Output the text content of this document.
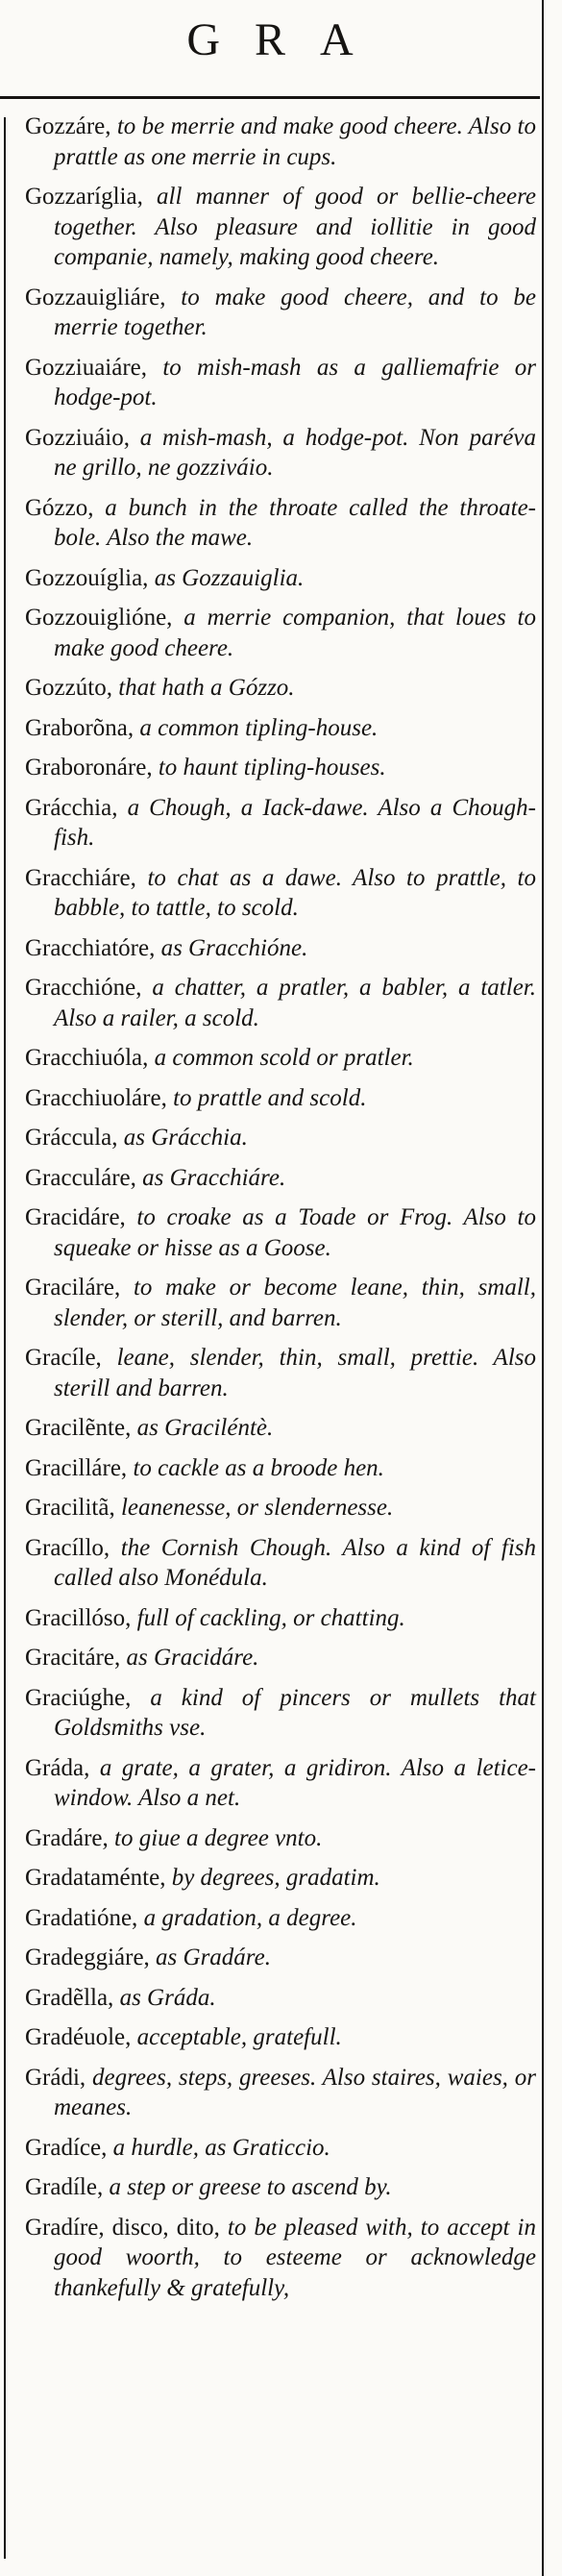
GRA
Gozzáre, to be merrie and make good cheere. Also to prattle as one merrie in cups.
Gozzaríglia, all manner of good or bellie-cheere together. Also pleasure and iollitie in good companie, namely, making good cheere.
Gozzauigliáre, to make good cheere, and to be merrie together.
Gozziuaiáre, to mish-mash as a galliemafrie or hodge-pot.
Gozziuáio, a mish-mash, a hodge-pot. Non paréva ne grillo, ne gozziváio.
Gózzo, a bunch in the throate called the throate-bole. Also the mawe.
Gozzouíglia, as Gozzauiglia.
Gozzouiglióne, a merrie companion, that loues to make good cheere.
Gozzúto, that hath a Gózzo.
Graborõna, a common tipling-house.
Graboronáre, to haunt tipling-houses.
Grácchia, a Chough, a Iack-dawe. Also a Chough-fish.
Gracchiáre, to chat as a dawe. Also to prattle, to babble, to tattle, to scold.
Gracchiatóre, as Gracchióne.
Gracchióne, a chatter, a pratler, a babler, a tatler. Also a railer, a scold.
Gracchiuóla, a common scold or pratler.
Gracchiuoláre, to prattle and scold.
Gráccula, as Grácchia.
Gracculáre, as Gracchiáre.
Gracidáre, to croake as a Toade or Frog. Also to squeake or hisse as a Goose.
Graciláre, to make or become leane, thin, small, slender, or sterill, and barren.
Gracíle, leane, slender, thin, small, prettie. Also sterill and barren.
Gracilẽnte, as Graciléntè.
Gracilláre, to cackle as a broode hen.
Gracilitã, leanenesse, or slendernesse.
Gracíllo, the Cornish Chough. Also a kind of fish called also Monédula.
Gracillóso, full of cackling, or chatting.
Gracitáre, as Gracidáre.
Graciúghe, a kind of pincers or mullets that Goldsmiths vse.
Gráda, a grate, a grater, a gridiron. Also a letice-window. Also a net.
Gradáre, to giue a degree vnto.
Gradataménte, by degrees, gradatim.
Gradatióne, a gradation, a degree.
Gradeggiáre, as Gradáre.
Gradẽlla, as Gráda.
Gradéuole, acceptable, gratefull.
Grádi, degrees, steps, greeses. Also staires, waies, or meanes.
Gradíce, a hurdle, as Graticcio.
Gradíle, a step or greese to ascend by.
Gradíre, disco, dito, to be pleased with, to accept in good woorth, to esteeme or acknowledge thankefully & gratefully,
